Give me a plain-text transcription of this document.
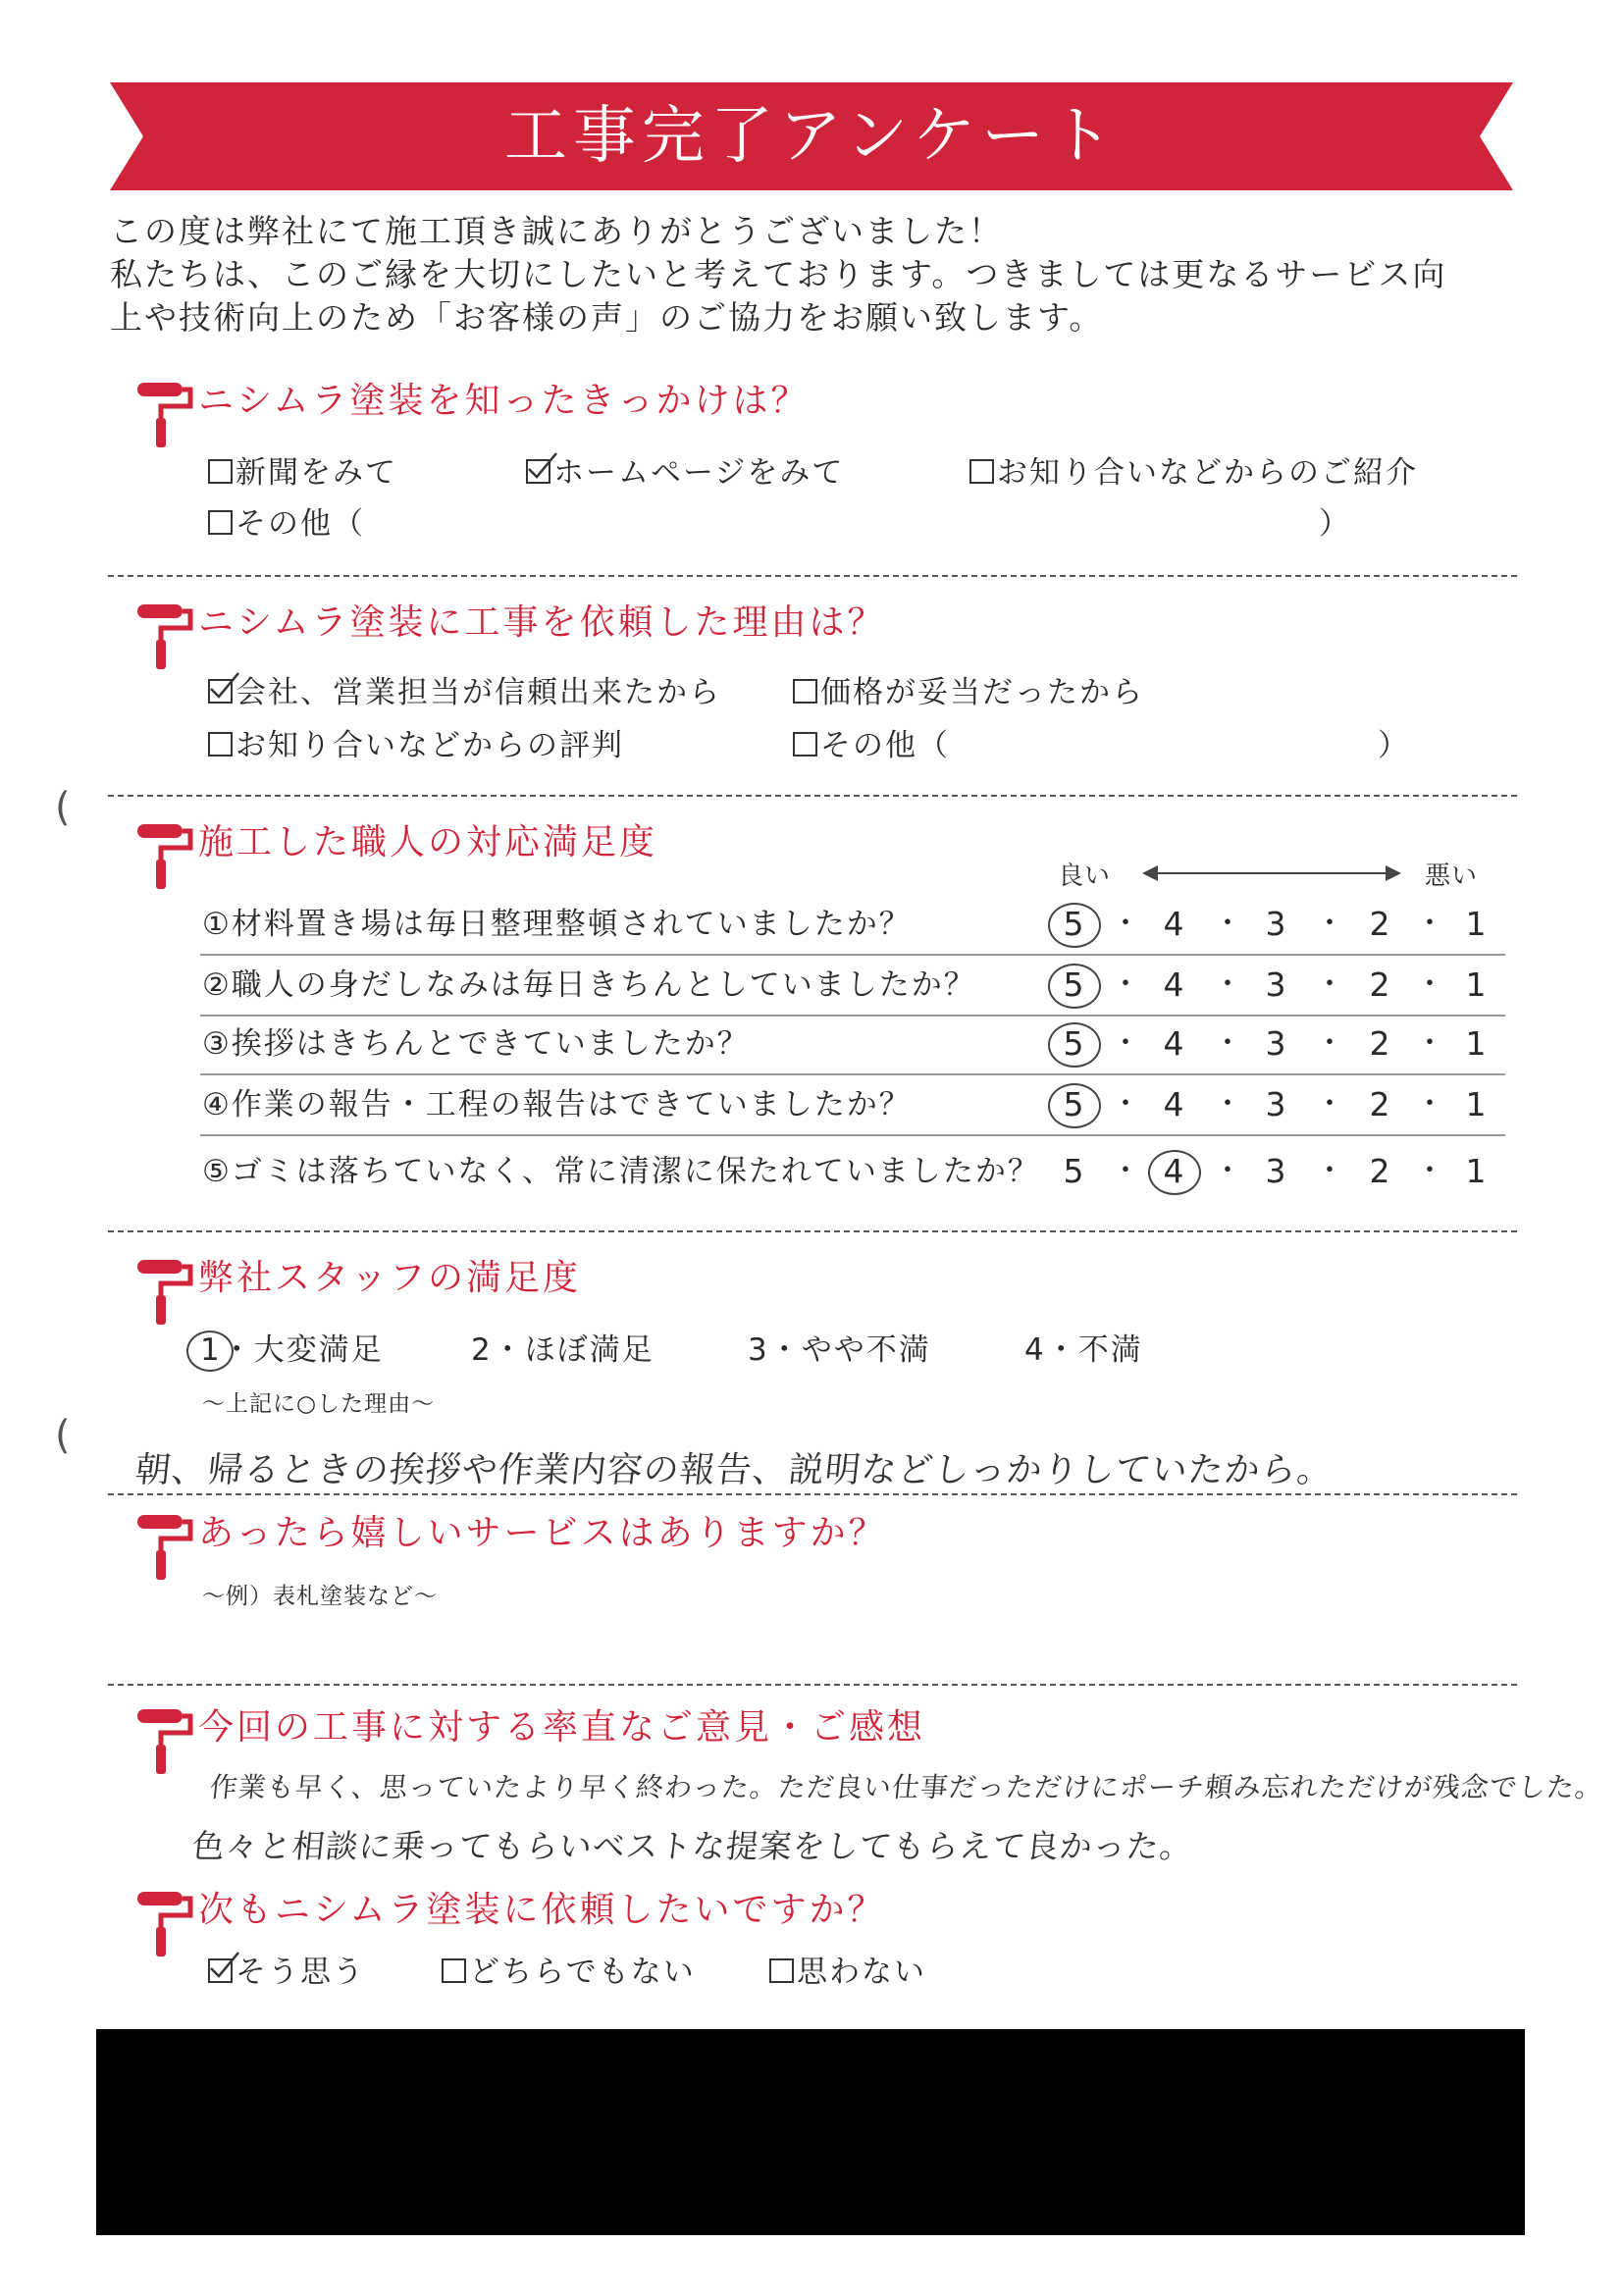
工事完了アンケート
この度は弊社にて施工頂き誠にありがとうございました！
私たちは、このご縁を大切にしたいと考えております。つきましては更なるサービス向
上や技術向上のため「お客様の声」のご協力をお願い致します。
ニシムラ塗装を知ったきっかけは？
新聞をみて	ホームページをみて	お知り合いなどからのご紹介
その他（	）
ニシムラ塗装に工事を依頼した理由は？
会社、営業担当が信頼出来たから	価格が妥当だったから
お知り合いなどからの評判	その他（	）
(
施工した職人の対応満足度
良い	悪い
①材料置き場は毎日整理整頓されていましたか？	5 4	3	2 1
・ ・ ・ ・
②職人の身だしなみは毎日きちんとしていましたか？	5 4	3	2 1
・ ・ ・ ・
③挨拶はきちんとできていましたか？	5 4	3	2 1
・ ・ ・ ・
④作業の報告・工程の報告はできていましたか？	5 4	3	2 1
・ ・ ・ ・
⑤ゴミは落ちていなく、常に清潔に保たれていましたか？ 5 4	3	2 1
・ ・ ・ ・
弊社スタッフの満足度
1・大変満足	2・ほぼ満足	3・やや不満	4・不満
～上記に○した理由～
(
朝、帰るときの挨拶や作業内容の報告、説明などしっかりしていたから。
あったら嬉しいサービスはありますか？
～例）表札塗装など～
今回の工事に対する率直なご意見・ご感想
作業も早く、思っていたより早く終わった。ただ良い仕事だっただけにポーチ頼み忘れただけが残念でした。
色々と相談に乗ってもらいベストな提案をしてもらえて良かった。
次もニシムラ塗装に依頼したいですか？
そう思う	どちらでもない	思わない
